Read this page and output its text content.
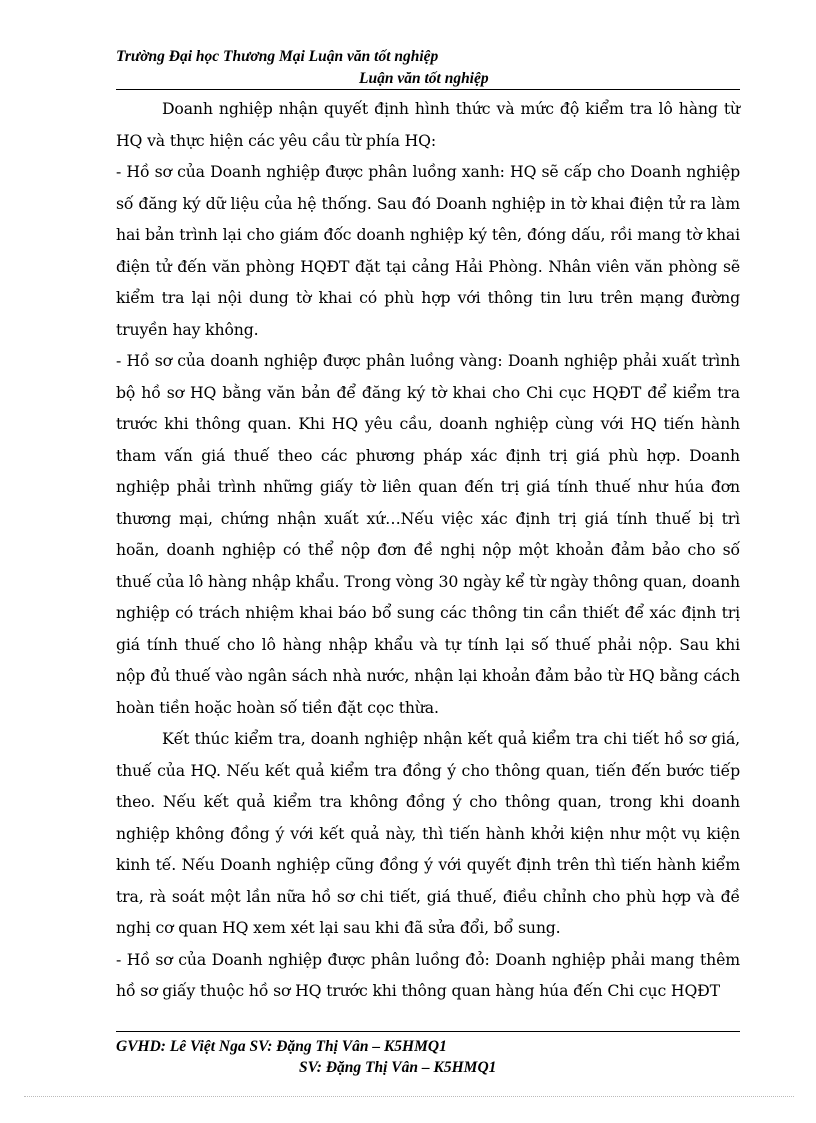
Trường Đại học Thương Mại Luận văn tốt nghiệp
Luận văn tốt nghiệp

Doanh nghiệp nhận quyết định hình thức và mức độ kiểm tra lô hàng từ HQ và thực hiện các yêu cầu từ phía HQ:

- Hồ sơ của Doanh nghiệp được phân luồng xanh: HQ sẽ cấp cho Doanh nghiệp số đăng ký dữ liệu của hệ thống. Sau đó Doanh nghiệp in tờ khai điện tử ra làm hai bản trình lại cho giám đốc doanh nghiệp ký tên, đóng dấu, rồi mang tờ khai điện tử đến văn phòng HQĐT đặt tại cảng Hải Phòng. Nhân viên văn phòng sẽ kiểm tra lại nội dung tờ khai có phù hợp với thông tin lưu trên mạng đường truyền hay không.

- Hồ sơ của doanh nghiệp được phân luồng vàng: Doanh nghiệp phải xuất trình bộ hồ sơ HQ bằng văn bản để đăng ký tờ khai cho Chi cục HQĐT để kiểm tra trước khi thông quan. Khi HQ yêu cầu, doanh nghiệp cùng với HQ tiến hành tham vấn giá thuế theo các phương pháp xác định trị giá phù hợp. Doanh nghiệp phải trình những giấy tờ liên quan đến trị giá tính thuế như húa đơn thương mại, chứng nhận xuất xứ…Nếu việc xác định trị giá tính thuế bị trì hoãn, doanh nghiệp có thể nộp đơn đề nghị nộp một khoản đảm bảo cho số thuế của lô hàng nhập khẩu. Trong vòng 30 ngày kể từ ngày thông quan, doanh nghiệp có trách nhiệm khai báo bổ sung các thông tin cần thiết để xác định trị giá tính thuế cho lô hàng nhập khẩu và tự tính lại số thuế phải nộp. Sau khi nộp đủ thuế vào ngân sách nhà nước, nhận lại khoản đảm bảo từ HQ bằng cách hoàn tiền hoặc hoàn số tiền đặt cọc thừa.

Kết thúc kiểm tra, doanh nghiệp nhận kết quả kiểm tra chi tiết hồ sơ giá, thuế của HQ. Nếu kết quả kiểm tra đồng ý cho thông quan, tiến đến bước tiếp theo. Nếu kết quả kiểm tra không đồng ý cho thông quan, trong khi doanh nghiệp không đồng ý với kết quả này, thì tiến hành khởi kiện như một vụ kiện kinh tế. Nếu Doanh nghiệp cũng đồng ý với quyết định trên thì tiến hành kiểm tra, rà soát một lần nữa hồ sơ chi tiết, giá thuế, điều chỉnh cho phù hợp và đề nghị cơ quan HQ xem xét lại sau khi đã sửa đổi, bổ sung.

- Hồ sơ của Doanh nghiệp được phân luồng đỏ: Doanh nghiệp phải mang thêm hồ sơ giấy thuộc hồ sơ HQ trước khi thông quan hàng húa đến Chi cục HQĐT

GVHD: Lê Việt Nga SV: Đặng Thị Vân – K5HMQ1
SV: Đặng Thị Vân – K5HMQ1
